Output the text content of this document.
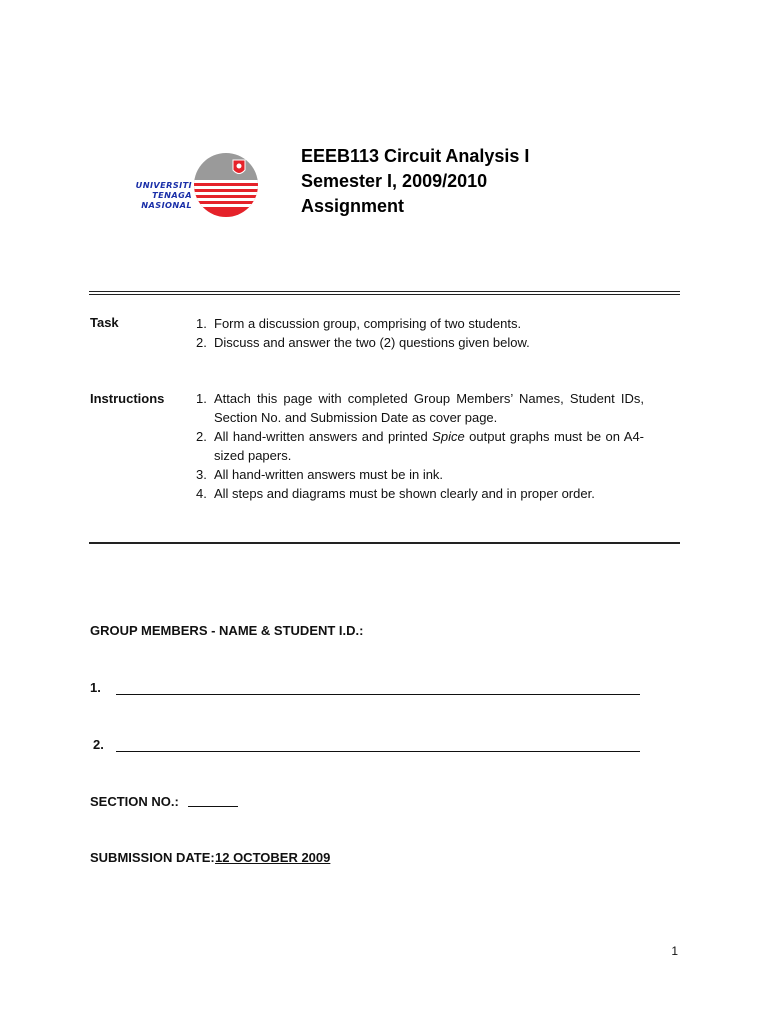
UNIVERSITI
TENAGA
NASIONAL
EEEB113 Circuit Analysis I
Semester I, 2009/2010
Assignment
Task	1. Form a discussion group, comprising of two students.
2. Discuss and answer the two (2) questions given below.
Instructions 1. Attach this page with completed Group Members’ Names, Student IDs, Section No. and Submission Date as cover page.
2. All hand-written answers and printed Spice output graphs must be on A4-sized papers.
3. All hand-written answers must be in ink.
4. All steps and diagrams must be shown clearly and in proper order.
GROUP MEMBERS - NAME & STUDENT I.D.:
1.
2.
SECTION NO.:
SUBMISSION DATE: 12 OCTOBER 2009
1
